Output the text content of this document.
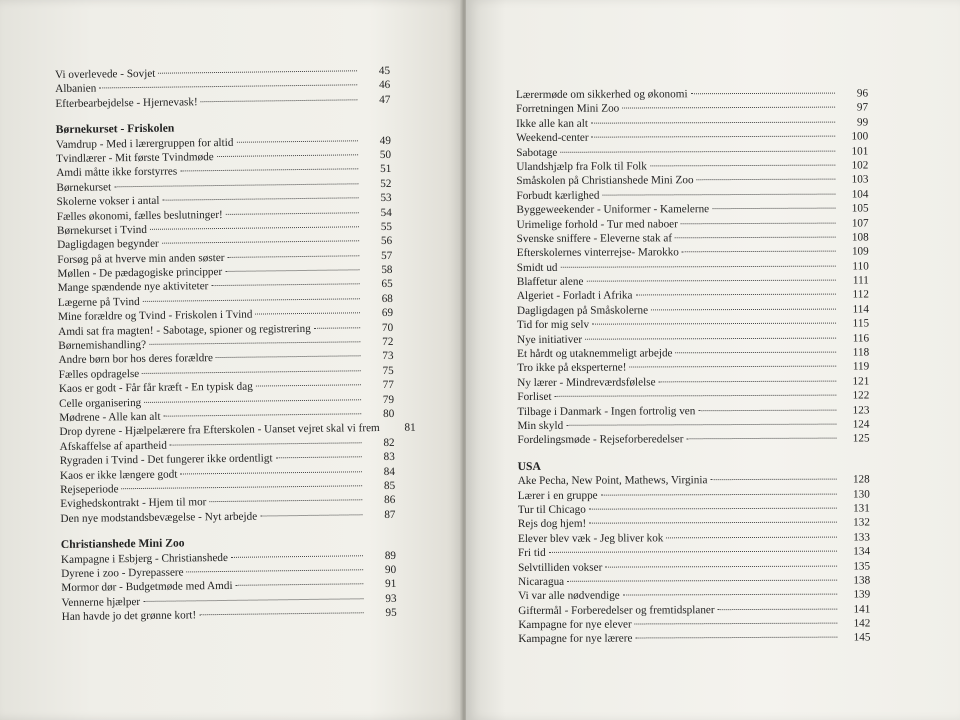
Vi overlevede - Sovjet	45
Albanien	46
Efterbearbejdelse - Hjernevask!	47
Børnekurset - Friskolen
Vamdrup - Med i lærergruppen for altid	49
Tvindlærer - Mit første Tvindmøde	50
Amdi måtte ikke forstyrres	51
Børnekurset	52
Skolerne vokser i antal	53
Fælles økonomi, fælles beslutninger!	54
Børnekurset i Tvind	55
Dagligdagen begynder	56
Forsøg på at hverve min anden søster	57
Møllen - De pædagogiske principper	58
Mange spændende nye aktiviteter	65
Lægerne på Tvind	68
Mine forældre og Tvind - Friskolen i Tvind	69
Amdi sat fra magten! - Sabotage, spioner og registrering	70
Børnemishandling?	72
Andre børn bor hos deres forældre	73
Fælles opdragelse	75
Kaos er godt - Får får kræft - En typisk dag	77
Celle organisering	79
Mødrene - Alle kan alt	80
Drop dyrene - Hjælpelærere fra Efterskolen - Uanset vejret skal vi frem	81
Afskaffelse af apartheid	82
Rygraden i Tvind - Det fungerer ikke ordentligt	83
Kaos er ikke længere godt	84
Rejseperiode	85
Evighedskontrakt - Hjem til mor	86
Den nye modstandsbevægelse - Nyt arbejde	87
Christianshede Mini Zoo
Kampagne i Esbjerg - Christianshede	89
Dyrene i zoo - Dyrepassere	90
Mormor dør - Budgetmøde med Amdi	91
Vennerne hjælper	93
Han havde jo det grønne kort!	95
Lærermøde om sikkerhed og økonomi	96
Forretningen Mini Zoo	97
Ikke alle kan alt	99
Weekend-center	100
Sabotage	101
Ulandshjælp fra Folk til Folk	102
Småskolen på Christianshede Mini Zoo	103
Forbudt kærlighed	104
Byggeweekender - Uniformer - Kamelerne	105
Urimelige forhold - Tur med naboer	107
Svenske sniffere - Eleverne stak af	108
Efterskolernes vinterrejse- Marokko	109
Smidt ud	110
Blaffetur alene	111
Algeriet - Forladt i Afrika	112
Dagligdagen på Småskolerne	114
Tid for mig selv	115
Nye initiativer	116
Et hårdt og utaknemmeligt arbejde	118
Tro ikke på eksperterne!	119
Ny lærer - Mindreværdsfølelse	121
Forliset	122
Tilbage i Danmark - Ingen fortrolig ven	123
Min skyld	124
Fordelingsmøde - Rejseforberedelser	125
USA
Ake Pecha, New Point, Mathews, Virginia	128
Lærer i en gruppe	130
Tur til Chicago	131
Rejs dog hjem!	132
Elever blev væk - Jeg bliver kok	133
Fri tid	134
Selvtilliden vokser	135
Nicaragua	138
Vi var alle nødvendige	139
Giftermål - Forberedelser og fremtidsplaner	141
Kampagne for nye elever	142
Kampagne for nye lærere	145
